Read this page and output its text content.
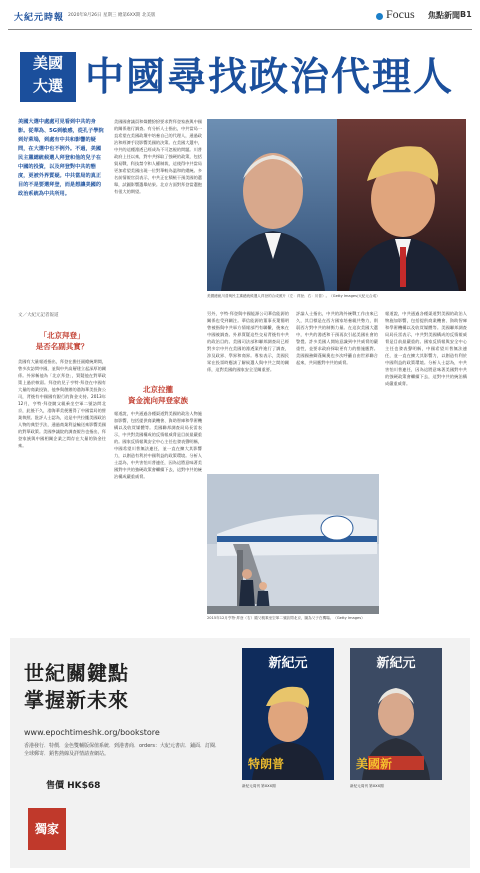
大紀元時報 2020年8月26日 星期三 總第6XX期 北美版	Focus 焦點新聞 B1
美國
大選 中國尋找政治代理人
美國大選中處處可見看到中共的身影。從華為、5G到敏感，從孔子學院到好萊塢，到處有中共和影響的疑問，在大選中也不例外。不過，美國民主黨總統候選人拜登和他的兒子在中國的投資，以及拜登對中共的態度，更被外界質疑。中共當局的真正目的不是要選拜登，而是想讓美國的政治系統為中共所用。
文／大紀元記者報道
「北京拜登」
是否名副其實？
美國有大量報道指出，拜登在擔任副總統期間，曾多次訪問中國，並與中共高層建立起深厚的關係。外界稱他為「北京拜登」，質疑他在對華政策上過於軟弱。拜登的兒子亨特·拜登在中國有大量的商業投資，他參與創辦的渤海華美投資公司，背後有中國國有銀行的資金支持。2013年12月，亨特·拜登隨父親乘坐空軍二號訪問北京，此後不久，渤海華美便獲得了中國當局的營業執照。批評人士認為，這是中共拉攏美國政治人物的典型手法，通過商業利益輸送來影響美國的對華政策。美國參議院的調查報告也指出，拜登家族與中國相關企業之間存在大量的資金往來。
美國國會議員和媒體紛紛要求對拜登家族與中國的關係進行調查。有分析人士指出，中共當局一直希望在美國政壇中培養自己的代理人，通過政治和經濟手段影響美國的決策。在美國大選中，中共的這種滲透已經成為不可忽視的問題。川普政府上任以來，對中共採取了強硬的政策，包括貿易戰、科技禁令和人權制裁，這使得中共當局更加希望美國出現一位對華較為溫和的總統。多名前情報官員表示，中共正在積極干預美國的選舉，試圖影響選舉結果。北京方面對拜登當選抱有很大的期望。
北京拉攏
資金流向拜登家族
報道說，中共通過各種渠道對美國的政治人物施加影響，包括提供商業機會、資助智庫和學術機構以及收買媒體等。美國聯邦調查局局長雷表示，中共對美國構成的反情報威脅是目前最嚴重的。國家反情報與安全中心主任也發表聲明稱，中國希望川普無法連任，並一直在擴大其影響力，以創造有利於中國利益的政策環境。分析人士認為，中共害怕川普連任，因為這將意味著美國對中共的強硬政策會繼續下去，這對中共的統治構成嚴重威脅。
美國總統川普與民主黨總統候選人拜登的合成照片（左：拜登；右：川普）。（Getty Images/大紀元合成）
另外，亨特·拜登與中國能源公司華信能源的關係也受到關注。華信能源的董事長葉簡明曾被指與中共軍方情報部門有聯繫，後來在中國被調查。外界質疑這些交易背後有中共的政治目的。美國司法部和聯邦調查局已經對多宗中共在美國的滲透案件進行了調查，涉及政界、學界和商界。專家表示，美國民眾在投票時應該了解候選人與中共之間的關係，這對美國的國家安全至關重要。
評論人士指出，中共的海外統戰工作由來已久，其目標是在西方國家培養親共勢力，削弱西方對中共的制衡力量。在這次美國大選中，中共的滲透和干預再次引起美國社會的警覺。許多美國人開始意識到中共威脅的嚴重性，並要求政府採取更有力的措施應對。美國國務卿蓬佩奧也多次呼籲自由世界聯合起來，共同應對中共的威脅。
報道說，中共通過各種渠道對美國的政治人物施加影響，包括提供商業機會、資助智庫和學術機構以及收買媒體等。美國聯邦調查局局長雷表示，中共對美國構成的反情報威脅是目前最嚴重的。國家反情報與安全中心主任也發表聲明稱，中國希望川普無法連任，並一直在擴大其影響力，以創造有利於中國利益的政策環境。分析人士認為，中共害怕川普連任，因為這將意味著美國對中共的強硬政策會繼續下去，這對中共的統治構成嚴重威脅。
2015年12月亨特·拜登（右）隨父親乘坐空軍二號訪問北京，圖為父子在機場。（Getty Images）
世紀關鍵點
掌握新未來
www.epochtimeshk.org/bookstore
香港發行．特價．金色雙輔版保值系統．到港書商．orders：大紀元書店．鋪面．訂閱．全球郵寄．銷售熱線及詳情請查網站。
售價 HK$68
獨家
新紀元
特朗普
新紀元周刊 第XXX期
新紀元
美國新
新紀元周刊 第XXX期
